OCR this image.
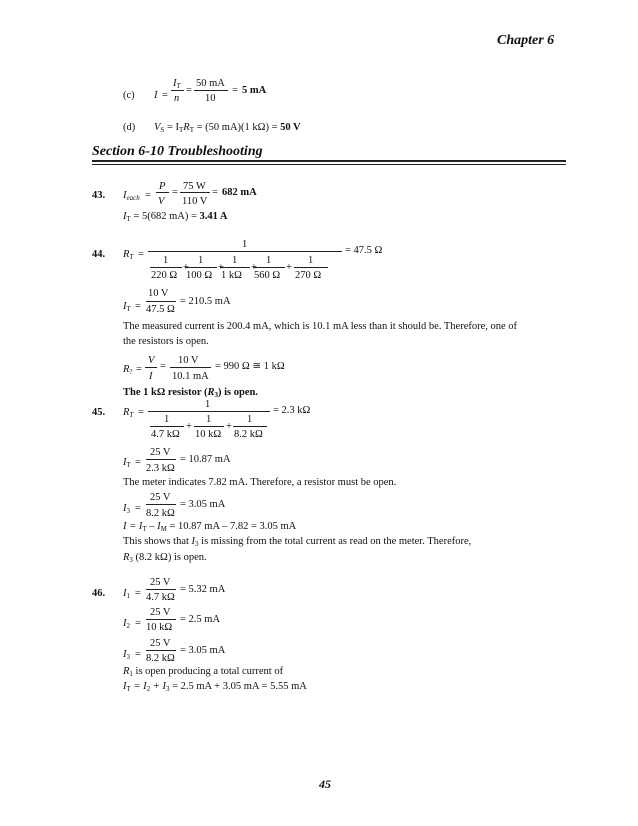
Chapter 6
(c) I =
IT
n
=
50 mA
10
= 5 mA
(d) VS = ITRT = (50 mA)(1 kΩ) = 50 V
Section 6-10 Troubleshooting
43. Ieach =
P
V
=
75 W
110 V
= 682 mA
IT = 5(682 mA) = 3.41 A
44. RT =
1
= 47.5 Ω
1
220 Ω
+
1
100 Ω
+
1
1 kΩ
+
1
560 Ω
+
1
270 Ω
IT =
10 V
47.5 Ω
= 210.5 mA
The measured current is 200.4 mA, which is 10.1 mA less than it should be. Therefore, one of
the resistors is open.
R? =
V
I
=
10 V
10.1 mA
= 990 Ω ≅ 1 kΩ
The 1 kΩ resistor (R3) is open.
45. RT =
1
= 2.3 kΩ
1
4.7 kΩ
+
1
10 kΩ
+
1
8.2 kΩ
IT =
25 V
2.3 kΩ
= 10.87 mA
The meter indicates 7.82 mA. Therefore, a resistor must be open.
I3 =
25 V
8.2 kΩ
= 3.05 mA
I = IT – IM = 10.87 mA – 7.82 = 3.05 mA
This shows that I3 is missing from the total current as read on the meter. Therefore,
R3 (8.2 kΩ) is open.
46. I1 =
25 V
4.7 kΩ
= 5.32 mA
I2 =
25 V
10 kΩ
= 2.5 mA
I3 =
25 V
8.2 kΩ
= 3.05 mA
R1 is open producing a total current of
IT = I2 + I3 = 2.5 mA + 3.05 mA = 5.55 mA
45
